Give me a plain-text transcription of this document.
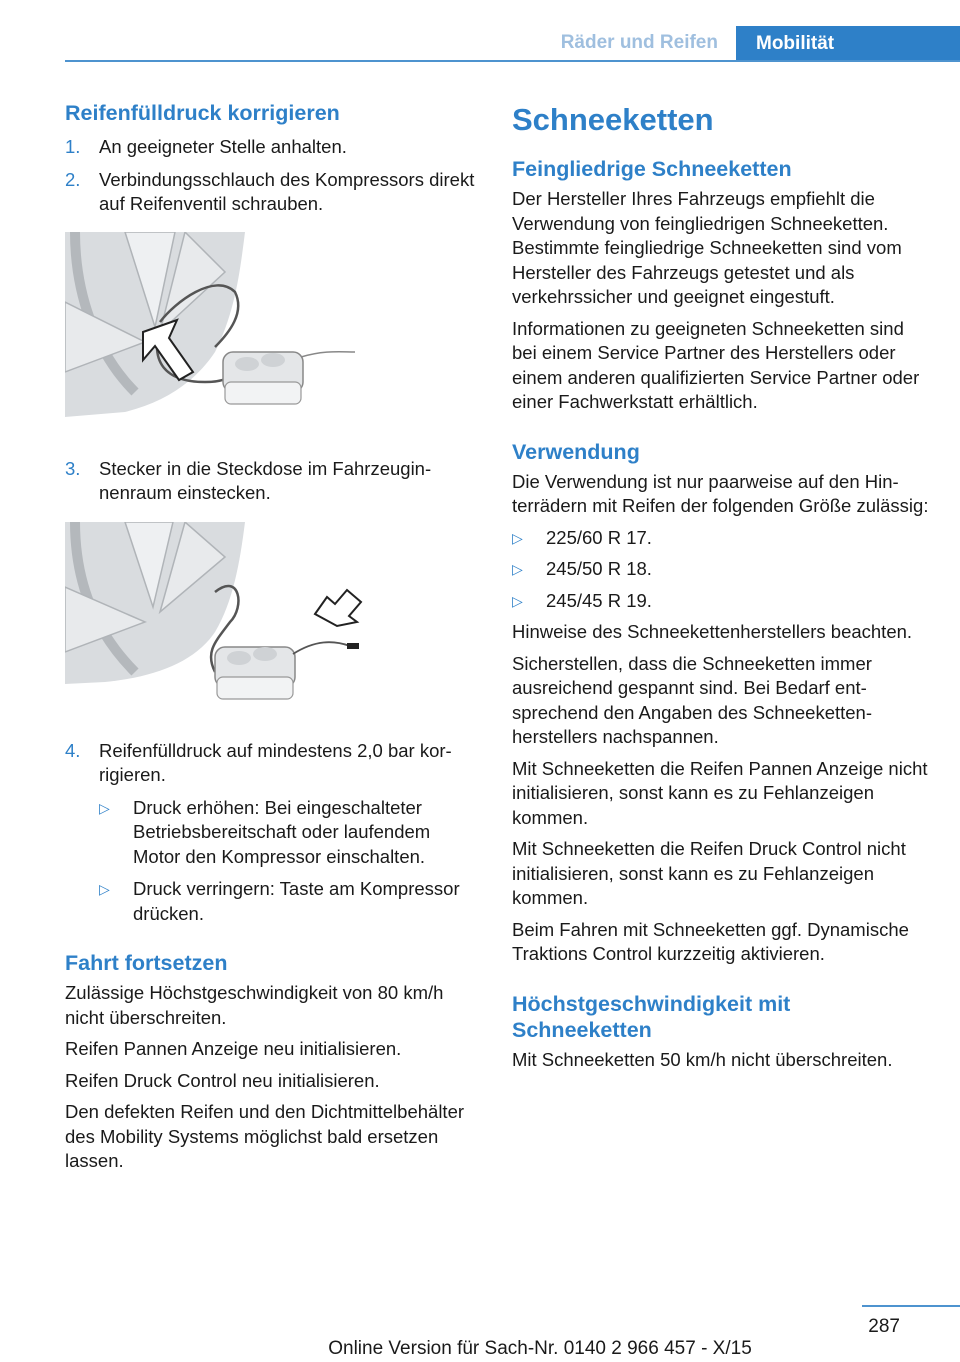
Räder und Reifen	Mobilität
Reifenfülldruck korrigieren
1.	An geeigneter Stelle anhalten.
2.	Verbindungsschlauch des Kompressors direkt auf Reifenventil schrauben.
3.	Stecker in die Steckdose im Fahrzeuginnenraum einstecken.
4.	Reifenfülldruck auf mindestens 2,0 bar korrigieren.
▷	Druck erhöhen: Bei eingeschalteter Betriebsbereitschaft oder laufendem Motor den Kompressor einschalten.
▷	Druck verringern: Taste am Kompressor drücken.
Fahrt fortsetzen

Zulässige Höchstgeschwindigkeit von 80 km/h nicht überschreiten.

Reifen Pannen Anzeige neu initialisieren.

Reifen Druck Control neu initialisieren.

Den defekten Reifen und den Dichtmittelbehälter des Mobility Systems möglichst bald ersetzen lassen.

Schneeketten
Feingliedrige Schneeketten

Der Hersteller Ihres Fahrzeugs empfiehlt die Verwendung von feingliedrigen Schneeketten. Bestimmte feingliedrige Schneeketten sind vom Hersteller des Fahrzeugs getestet und als verkehrssicher und geeignet eingestuft.

Informationen zu geeigneten Schneeketten sind bei einem Service Partner des Herstellers oder einem anderen qualifizierten Service Partner oder einer Fachwerkstatt erhältlich.

Verwendung

Die Verwendung ist nur paarweise auf den Hinterrädern mit Reifen der folgenden Größe zulässig:

▷	225/60 R 17.
▷	245/50 R 18.
▷	245/45 R 19.

Hinweise des Schneekettenherstellers beachten.

Sicherstellen, dass die Schneeketten immer ausreichend gespannt sind. Bei Bedarf entsprechend den Angaben des Schneekettenherstellers nachspannen.

Mit Schneeketten die Reifen Pannen Anzeige nicht initialisieren, sonst kann es zu Fehlanzeigen kommen.

Mit Schneeketten die Reifen Druck Control nicht initialisieren, sonst kann es zu Fehlanzeigen kommen.

Beim Fahren mit Schneeketten ggf. Dynamische Traktions Control kurzzeitig aktivieren.

Höchstgeschwindigkeit mit Schneeketten

Mit Schneeketten 50 km/h nicht überschreiten.

287
Online Version für Sach-Nr. 0140 2 966 457 - X/15
